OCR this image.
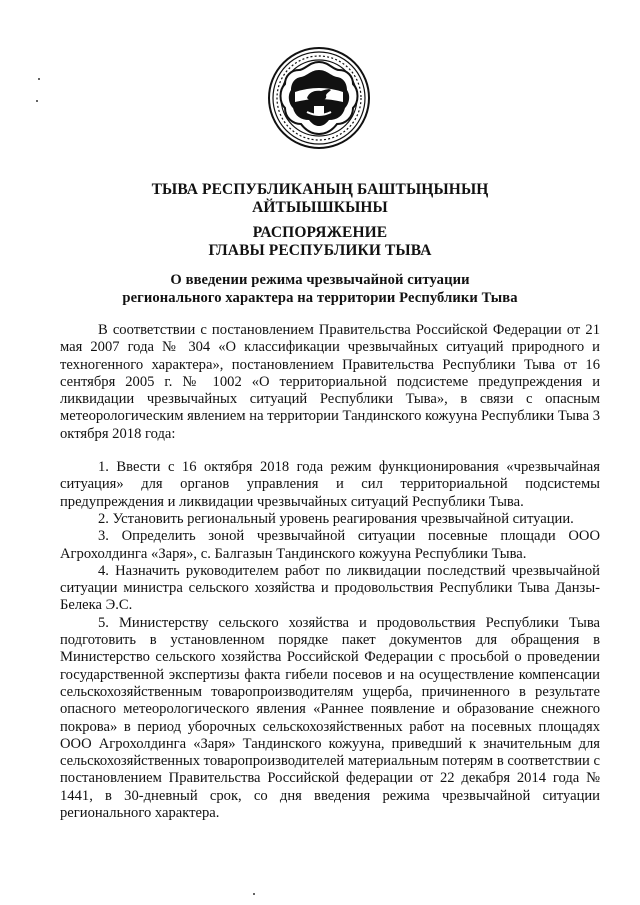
ТЫВА РЕСПУБЛИКАНЫҢ БАШТЫҢЫНЫҢ
АЙТЫЫШКЫНЫ
РАСПОРЯЖЕНИЕ
ГЛАВЫ РЕСПУБЛИКИ ТЫВА
О введении режима чрезвычайной ситуации
регионального характера на территории Республики Тыва

В соответствии с постановлением Правительства Российской Федерации от 21 мая 2007 года № 304 «О классификации чрезвычайных ситуаций природного и техногенного характера», постановлением Правительства Республики Тыва от 16 сентября 2005 г. № 1002 «О территориальной подсистеме предупреждения и ликвидации чрезвычайных ситуаций Республики Тыва», в связи с опасным метеорологическим явлением на территории Тандинского кожууна Республики Тыва 3 октября 2018 года:

1. Ввести с 16 октября 2018 года режим функционирования «чрезвычайная ситуация» для органов управления и сил территориальной подсистемы предупреждения и ликвидации чрезвычайных ситуаций Республики Тыва.

2. Установить региональный уровень реагирования чрезвычайной ситуации.

3. Определить зоной чрезвычайной ситуации посевные площади ООО Агрохолдинга «Заря», с. Балгазын Тандинского кожууна Республики Тыва.

4. Назначить руководителем работ по ликвидации последствий чрезвычайной ситуации министра сельского хозяйства и продовольствия Республики Тыва Данзы-Белека Э.С.

5. Министерству сельского хозяйства и продовольствия Республики Тыва подготовить в установленном порядке пакет документов для обращения в Министерство сельского хозяйства Российской Федерации с просьбой о проведении государственной экспертизы факта гибели посевов и на осуществление компенсации сельскохозяйственным товаропроизводителям ущерба, причиненного в результате опасного метеорологического явления «Раннее появление и образование снежного покрова» в период уборочных сельскохозяйственных работ на посевных площадях ООО Агрохолдинга «Заря» Тандинского кожууна, приведший к значительным для сельскохозяйственных товаропроизводителей материальным потерям в соответствии с постановлением Правительства Российской федерации от 22 декабря 2014 года № 1441, в 30-дневный срок, со дня введения режима чрезвычайной ситуации регионального характера.
